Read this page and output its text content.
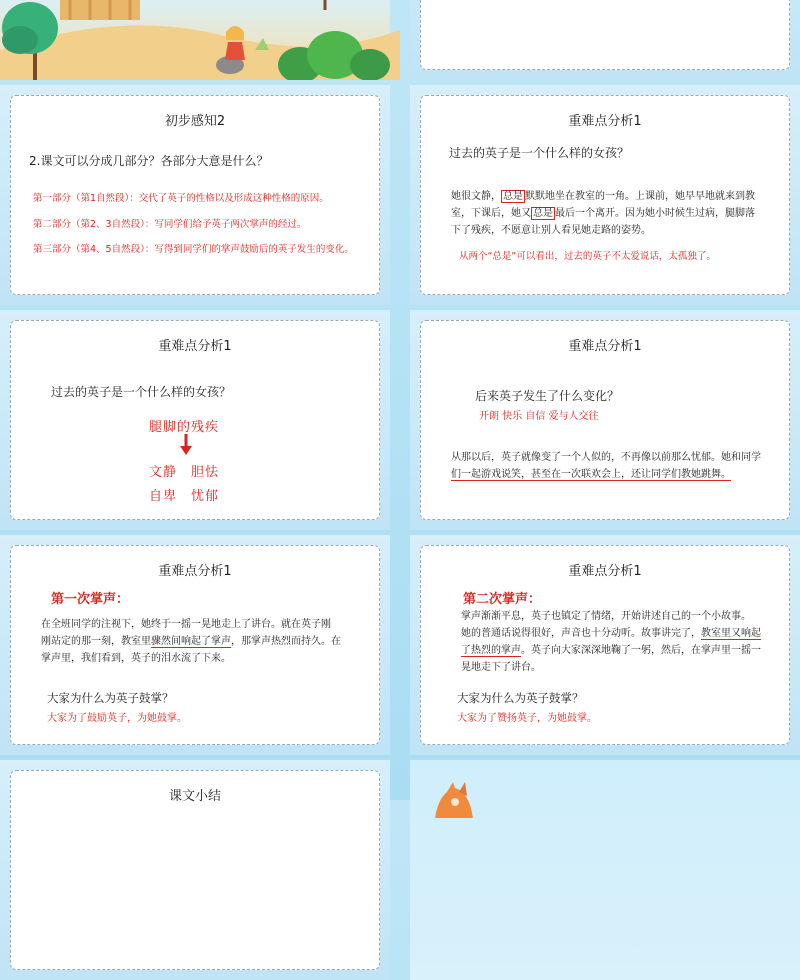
初步感知2
2.课文可以分成几部分？各部分大意是什么？
第一部分（第1自然段）：交代了英子的性格以及形成这种性格的原因。
第二部分（第2、3自然段）：写同学们给予英子两次掌声的经过。
第三部分（第4、5自然段）：写得到同学们的掌声鼓励后的英子发生的变化。
重难点分析1
过去的英子是一个什么样的女孩？
她很文静， 总是 默默地坐在教室的一角。上课前，她早早地就来到教
室，下课后，她又 总是 最后一个离开。因为她小时候生过病，腿脚落
下了残疾，不愿意让别人看见她走路的姿势。
从两个“总是”可以看出，过去的英子不太爱说话，太孤独了。
重难点分析1
过去的英子是一个什么样的女孩？
腿脚的残疾
文静　胆怯
自卑　忧郁
重难点分析1
后来英子发生了什么变化？
开朗 快乐 自信 爱与人交往
从那以后，英子就像变了一个人似的，不再像以前那么忧郁。她和同学
们一起游戏说笑，甚至在一次联欢会上，还让同学们教她跳舞。
重难点分析1
第一次掌声：
在全班同学的注视下，她终于一摇一晃地走上了讲台。就在英子刚
刚站定的那一刻，教室里骤然间响起了掌声，那掌声热烈而持久。在
掌声里，我们看到，英子的泪水流了下来。
大家为什么为英子鼓掌？
大家为了鼓励英子，为她鼓掌。
重难点分析1
第二次掌声：
掌声渐渐平息，英子也镇定了情绪，开始讲述自己的一个小故事。
她的普通话说得很好，声音也十分动听。故事讲完了，教室里又响起
了热烈的掌声。英子向大家深深地鞠了一躬，然后，在掌声里一摇一
晃地走下了讲台。
大家为什么为英子鼓掌？
大家为了赞扬英子，为她鼓掌。
课文小结
